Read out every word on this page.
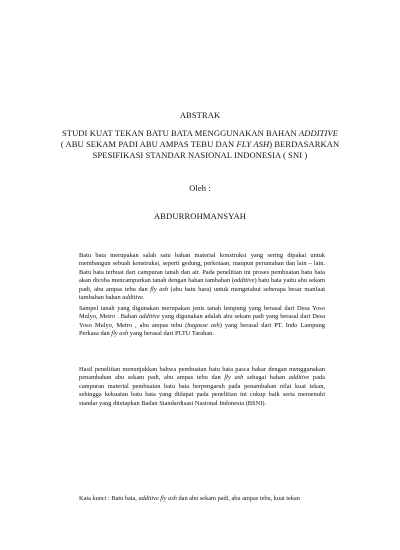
ABSTRAK
STUDI KUAT TEKAN BATU BATA MENGGUNAKAN BAHAN ADDITIVE
( ABU SEKAM PADI ABU AMPAS TEBU DAN FLY ASH) BERDASARKAN
SPESIFIKASI STANDAR NASIONAL INDONESIA ( SNI )
Oleh :
ABDURROHMANSYAH

Batu bata merupakan salah satu bahan material konstruksi yang sering dipakai untuk membangun sebuah konstruksi, seperti gedung, perkotaan, maupun perumahan dan lain – lain. Batu bata terbuat dari campuran tanah dan air. Pada penelitian ini proses pembuatan batu bata akan dicoba mencampurkan tanah dengan bahan tambahan (additive) batu bata yaitu abu sekam padi, abu ampas tebu dan fly ash (abu batu bara) untuk mengetahui seberapa besar manfaat tambahan bahan additive.

Sampel tanah yang digunakan merupakan jenis tanah lempung yang berasal dari Desa Yoso Mulyo, Metro . Bahan additive yang digunakan adalah abu sekam padi yang berasal dari Desa Yoso Mulyo, Metro , abu ampas tebu (bagasse ash) yang berasal dari PT. Indo Lampung Perkasa dan fly ash yang berasal dari PLTU Tarahan.

Hasil penelitian menunjukkan bahwa pembuatan batu bata pasca bakar dengan menggunakan penambahan abu sekam padi, abu ampas tebu dan fly ash sebagai bahan additive pada campuran material pembuatan batu bata berpengaruh pada penambahan nilai kuat tekan, sehingga kekuatan batu bata yang didapat pada penelitian ini cukup baik serta memenuhi standar yang ditetapkan Badan Standardisasi Nasional Indonesia (BSNI).

Kata kunci : Batu bata, additive fly ash dan abu sekam padi, abu ampas tebu, kuat tekan
